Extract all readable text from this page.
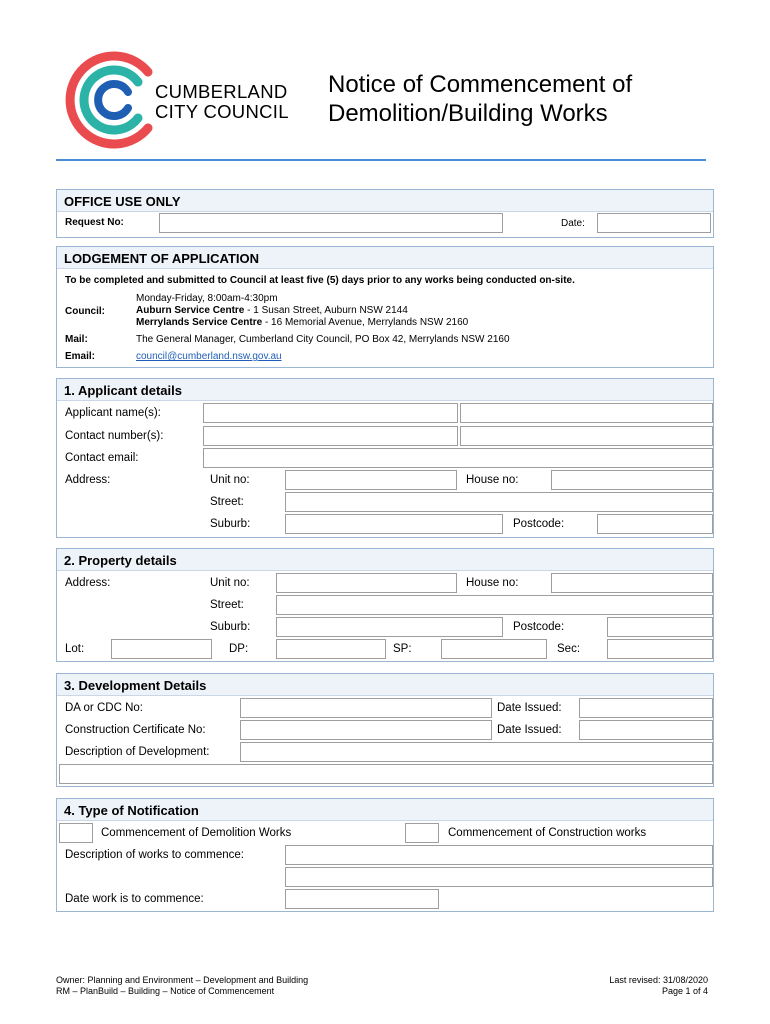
CUMBERLAND
CITY COUNCIL
Notice of Commencement of
Demolition/Building Works
OFFICE USE ONLY
Request No:	Date:
LODGEMENT OF APPLICATION
To be completed and submitted to Council at least five (5) days prior to any works being conducted on-site.
Council:
Monday-Friday, 8:00am-4:30pm
Auburn Service Centre - 1 Susan Street, Auburn NSW 2144
Merrylands Service Centre - 16 Memorial Avenue, Merrylands NSW 2160
Mail:	The General Manager, Cumberland City Council, PO Box 42, Merrylands NSW 2160
Email:	council@cumberland.nsw.gov.au
1. Applicant details
Applicant name(s):
Contact number(s):
Contact email:
Address:	Unit no:	House no:
Street:
Suburb:	Postcode:
2. Property details
Address:	Unit no:	House no:
Street:
Suburb:	Postcode:
Lot:	DP:	SP:	Sec:
3. Development Details
DA or CDC No:	Date Issued:
Construction Certificate No:	Date Issued:
Description of Development:
4. Type of Notification
Commencement of Demolition Works	Commencement of Construction works
Description of works to commence:
Date work is to commence:
Owner: Planning and Environment – Development and Building
RM – PlanBuild – Building – Notice of Commencement
Last revised: 31/08/2020
Page 1 of 4
